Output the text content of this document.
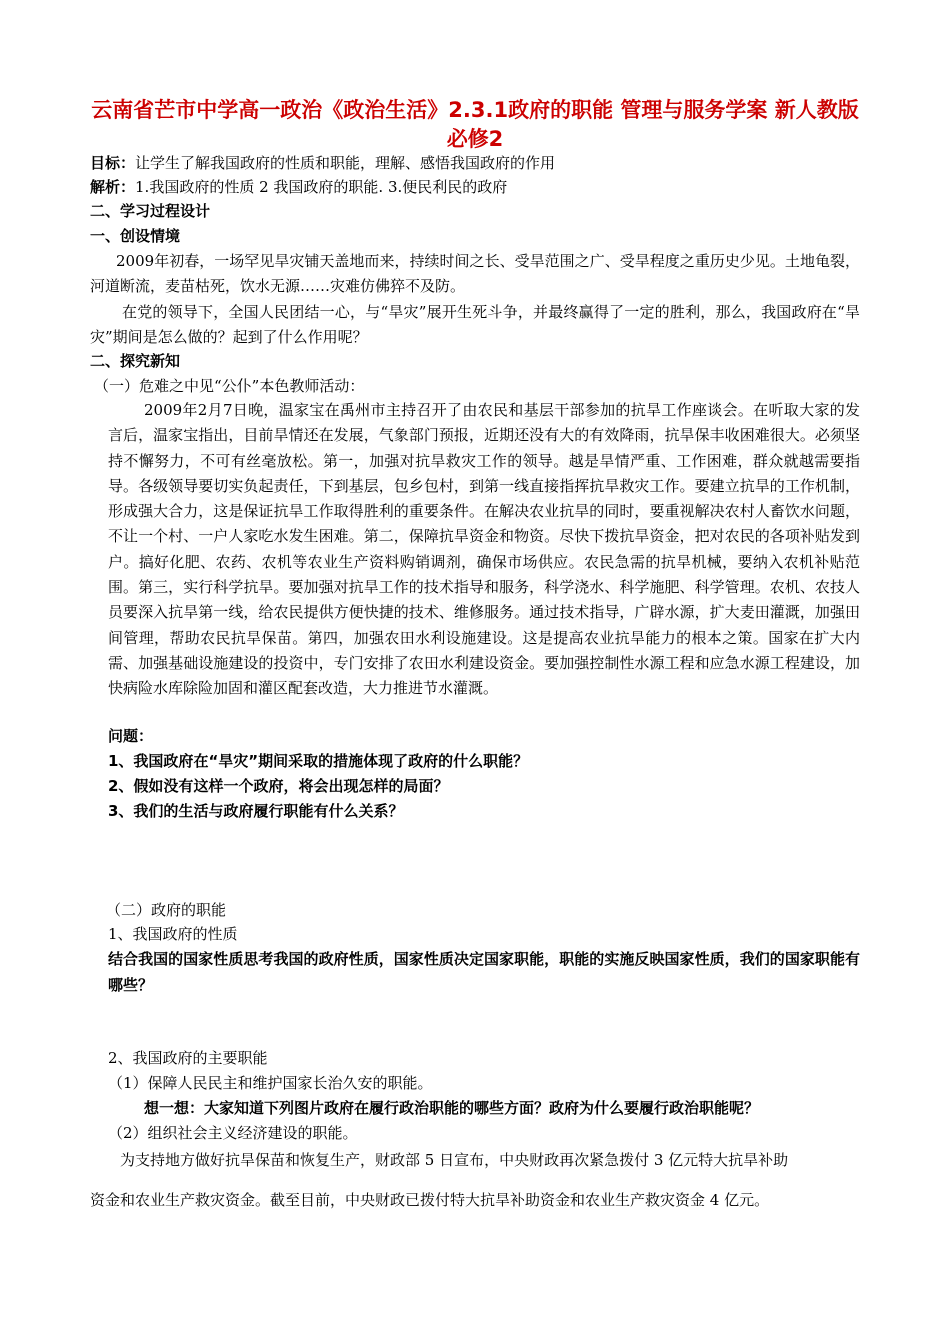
云南省芒市中学高一政治《政治生活》2.3.1政府的职能 管理与服务学案 新人教版必修2
目标：让学生了解我国政府的性质和职能，理解、感悟我国政府的作用
解析：1.我国政府的性质 2 我国政府的职能. 3.便民利民的政府
二、学习过程设计
一、创设情境
2009年初春，一场罕见旱灾铺天盖地而来，持续时间之长、受旱范围之广、受旱程度之重历史少见。土地龟裂，河道断流，麦苗枯死，饮水无源……灾难仿佛猝不及防。
在党的领导下，全国人民团结一心，与“旱灾”展开生死斗争，并最终赢得了一定的胜利，那么，我国政府在“旱灾”期间是怎么做的？起到了什么作用呢？
二、探究新知
（一）危难之中见“公仆”本色教师活动：
2009年2月7日晚，温家宝在禹州市主持召开了由农民和基层干部参加的抗旱工作座谈会。在听取大家的发言后，温家宝指出，目前旱情还在发展，气象部门预报，近期还没有大的有效降雨，抗旱保丰收困难很大。必须坚持不懈努力，不可有丝毫放松。第一，加强对抗旱救灾工作的领导。越是旱情严重、工作困难，群众就越需要指导。各级领导要切实负起责任，下到基层，包乡包村，到第一线直接指挥抗旱救灾工作。要建立抗旱的工作机制，形成强大合力，这是保证抗旱工作取得胜利的重要条件。在解决农业抗旱的同时，要重视解决农村人畜饮水问题，不让一个村、一户人家吃水发生困难。第二，保障抗旱资金和物资。尽快下拨抗旱资金，把对农民的各项补贴发到户。搞好化肥、农药、农机等农业生产资料购销调剂，确保市场供应。农民急需的抗旱机械，要纳入农机补贴范围。第三，实行科学抗旱。要加强对抗旱工作的技术指导和服务，科学浇水、科学施肥、科学管理。农机、农技人员要深入抗旱第一线，给农民提供方便快捷的技术、维修服务。通过技术指导，广辟水源，扩大麦田灌溉，加强田间管理，帮助农民抗旱保苗。第四，加强农田水利设施建设。这是提高农业抗旱能力的根本之策。国家在扩大内需、加强基础设施建设的投资中，专门安排了农田水利建设资金。要加强控制性水源工程和应急水源工程建设，加快病险水库除险加固和灌区配套改造，大力推进节水灌溉。
问题：
1、我国政府在“旱灾”期间采取的措施体现了政府的什么职能？
2、假如没有这样一个政府，将会出现怎样的局面？
3、我们的生活与政府履行职能有什么关系？
（二）政府的职能
1、我国政府的性质
结合我国的国家性质思考我国的政府性质，国家性质决定国家职能，职能的实施反映国家性质，我们的国家职能有哪些？
2、我国政府的主要职能
（1）保障人民民主和维护国家长治久安的职能。
想一想：大家知道下列图片政府在履行政治职能的哪些方面？政府为什么要履行政治职能呢？
（2）组织社会主义经济建设的职能。
为支持地方做好抗旱保苗和恢复生产，财政部 5 日宣布，中央财政再次紧急拨付 3 亿元特大抗旱补助
资金和农业生产救灾资金。截至目前，中央财政已拨付特大抗旱补助资金和农业生产救灾资金 4 亿元。
